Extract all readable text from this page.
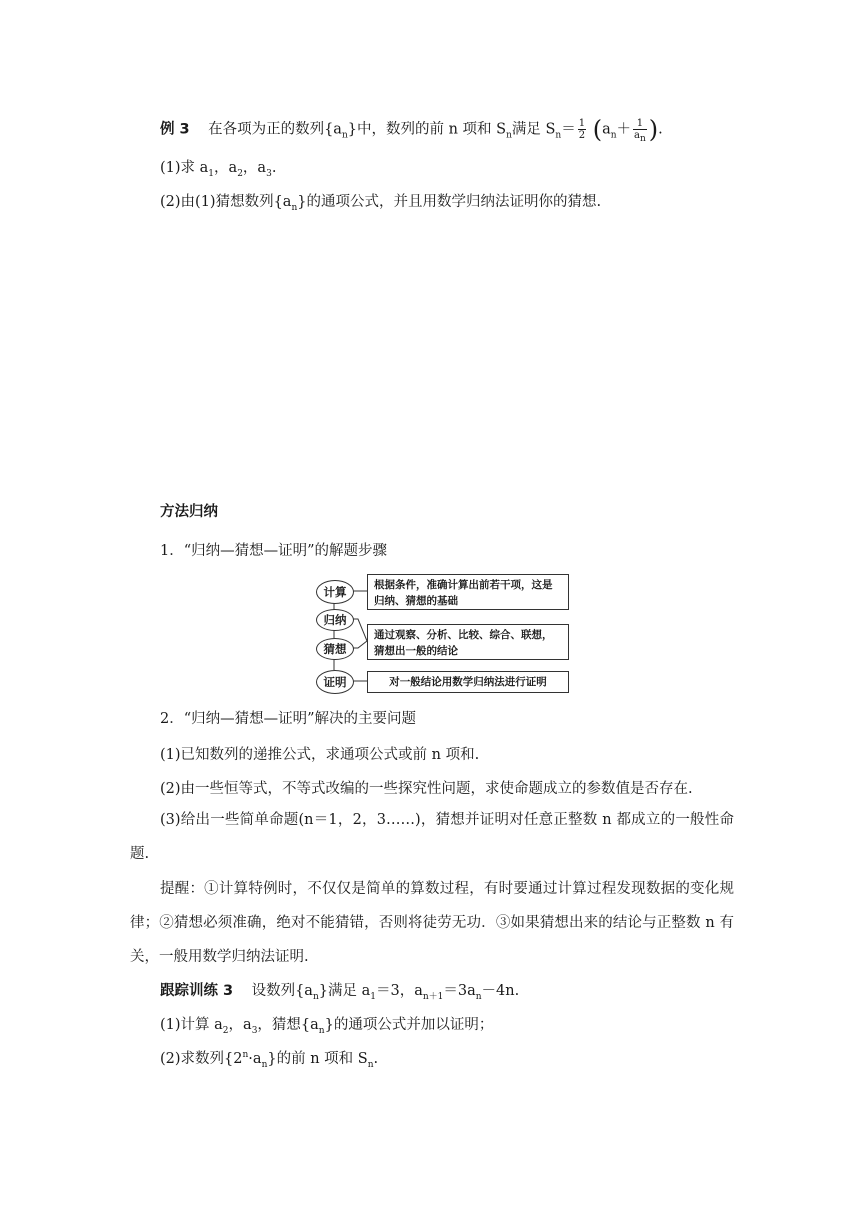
例 3 在各项为正的数列$\{a_n\}$中，数列的前 n 项和 $S_n$满足 $S_n= \frac{1}{2} (a_n+ \frac{1}{a_n}$ ).
(1)求 $a_1$，$a_2$，$a_3$.
(2)由(1)猜想数列$\{a_n\}$的通项公式，并且用数学归纳法证明你的猜想.
方法归纳
1．“归纳—猜想—证明”的解题步骤
计算
归纳
猜想
证明
根据条件，准确计算出前若干项，这是归纳、猜想的基础
通过观察、分析、比较、综合、联想，猜想出一般的结论
对一般结论用数学归纳法进行证明
2．“归纳—猜想—证明”解决的主要问题
(1)已知数列的递推公式，求通项公式或前 n 项和.
(2)由一些恒等式，不等式改编的一些探究性问题，求使命题成立的参数值是否存在.
(3)给出一些简单命题(n＝1，2，3……)，猜想并证明对任意正整数 n 都成立的一般性命题.
提醒：①计算特例时，不仅仅是简单的算数过程，有时要通过计算过程发现数据的变化规律；②猜想必须准确，绝对不能猜错，否则将徒劳无功．③如果猜想出来的结论与正整数 n 有关，一般用数学归纳法证明.
跟踪训练 3 设数列$\{a_n\}$满足 $a_1=3$，$a_{n+1}=3a_n-4n$.
(1)计算 $a_2$，$a_3$，猜想$\{a_n\}$的通项公式并加以证明；
(2)求数列$\{2^n\cdot a_n\}$的前 n 项和 $S_n$.
